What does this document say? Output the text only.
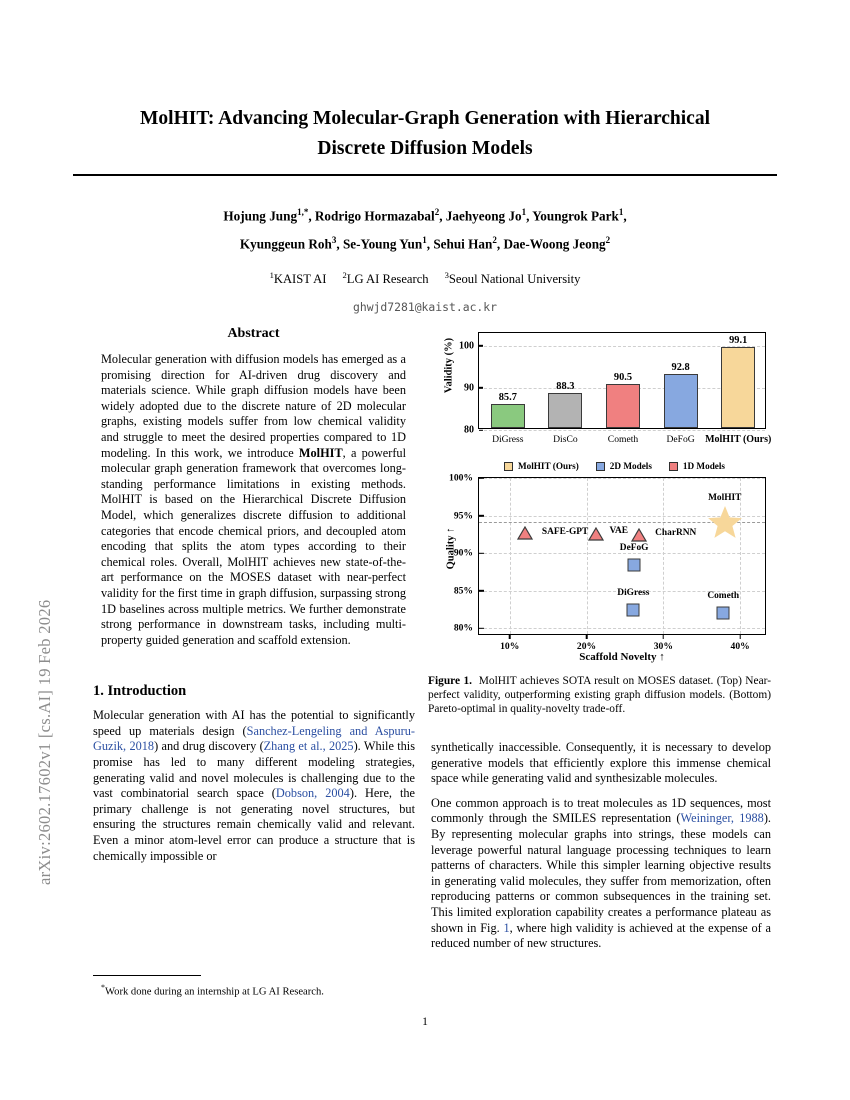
arXiv:2602.17602v1 [cs.AI] 19 Feb 2026
MolHIT: Advancing Molecular-Graph Generation with Hierarchical Discrete Diffusion Models
Hojung Jung$^{1,*}$, Rodrigo Hormazabal$^2$, Jaehyeong Jo$^1$, Youngrok Park$^1$,
Kyunggeun Roh$^3$, Se-Young Yun$^1$, Sehui Han$^2$, Dae-Woong Jeong$^2$
$^1$KAIST AI $^2$LG AI Research $^3$Seoul National University
ghwjd7281@kaist.ac.kr
Abstract

Molecular generation with diffusion models has emerged as a promising direction for AI-driven drug discovery and materials science. While graph diffusion models have been widely adopted due to the discrete nature of 2D molecular graphs, existing models suffer from low chemical validity and struggle to meet the desired properties compared to 1D modeling. In this work, we introduce MolHIT, a powerful molecular graph generation framework that overcomes long-standing performance limitations in existing methods. MolHIT is based on the Hierarchical Discrete Diffusion Model, which generalizes discrete diffusion to additional categories that encode chemical priors, and decoupled atom encoding that splits the atom types according to their chemical roles. Overall, MolHIT achieves new state-of-the-art performance on the MOSES dataset with near-perfect validity for the first time in graph diffusion, surpassing strong 1D baselines across multiple metrics. We further demonstrate strong performance in downstream tasks, including multi-property guided generation and scaffold extension.

1. Introduction

Molecular generation with AI has the potential to significantly speed up materials design (Sanchez-Lengeling and Aspuru-Guzik, 2018) and drug discovery (Zhang et al., 2025). While this promise has led to many different modeling strategies, generating valid and novel molecules is challenging due to the vast combinatorial search space (Dobson, 2004). Here, the primary challenge is not generating novel structures, but ensuring the structures remain chemically valid and relevant. Even a minor atom-level error can produce a structure that is chemically impossible or

synthetically inaccessible. Consequently, it is necessary to develop generative models that efficiently explore this immense chemical space while generating valid and synthesizable molecules.

One common approach is to treat molecules as 1D sequences, most commonly through the SMILES representation (Weininger, 1988). By representing molecular graphs into strings, these models can leverage powerful natural language processing techniques to learn patterns of characters. While this simpler learning objective results in generating valid molecules, they suffer from memorization, often reproducing patterns or common subsequences in the training set. This limited exploration capability creates a performance plateau as shown in Fig. 1, where high validity is achieved at the expense of a reduced number of new structures.

*Work done during an internship at LG AI Research.

1
Validity (%)
80
90
100
85.7
DiGress
88.3
DisCo
90.5
Cometh
92.8
DeFoG
99.1
MolHIT (Ours)
MolHIT (Ours)	2D Models	1D Models
Quality ↑
10%	20%	30%	40%
80%
85%
90%
95%
100%
SAFE-GPT VAE	CharRNN
DeFoG
DiGress	Cometh
MolHIT
Scaffold Novelty ↑
Figure 1.  MolHIT achieves SOTA result on MOSES dataset. (Top) Near-perfect validity, outperforming existing graph diffusion models. (Bottom) Pareto-optimal in quality-novelty trade-off.
